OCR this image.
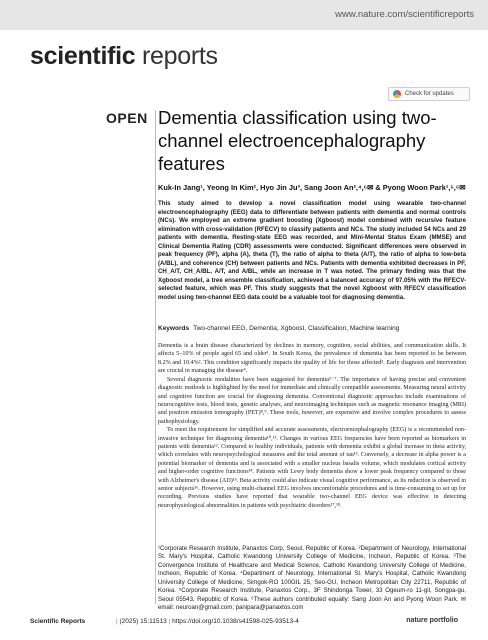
www.nature.com/scientificreports
scientific reports
Check for updates
OPEN Dementia classification using two-channel electroencephalography features
Kuk-In Jang¹, Yeong In Kim², Hyo Jin Ju³, Sang Joon An²,⁴,⁶✉ & Pyong Woon Park¹,⁵,⁶✉

This study aimed to develop a novel classification model using wearable two-channel electroencephalography (EEG) data to differentiate between patients with dementia and normal controls (NCs). We employed an extreme gradient boosting (Xgboost) model combined with recursive feature elimination with cross-validation (RFECV) to classify patients and NCs. The study included 54 NCs and 29 patients with dementia. Resting-state EEG was recorded, and Mini-Mental Status Exam (MMSE) and Clinical Dementia Rating (CDR) assessments were conducted. Significant differences were observed in peak frequency (PF), alpha (A), theta (T), the ratio of alpha to theta (A/T), the ratio of alpha to low-beta (A/BL), and coherence (CH) between patients and NCs. Patients with dementia exhibited decreases in PF, CH_A/T, CH_A/BL, A/T, and A/BL, while an increase in T was noted. The primary finding was that the Xgboost model, a tree ensemble classification, achieved a balanced accuracy of 97.05% with the RFECV-selected feature, which was PF. This study suggests that the novel Xgboost with RFECV classification model using two-channel EEG data could be a valuable tool for diagnosing dementia.

Keywords Two-channel EEG, Dementia, Xgboost, Classification, Machine learning

Dementia is a brain disease characterized by declines in memory, cognition, social abilities, and communication skills. It affects 5–10% of people aged 65 and older¹. In South Korea, the prevalence of dementia has been reported to be between 8.2% and 10.4%². This condition significantly impacts the quality of life for those affected³. Early diagnosis and intervention are crucial in managing the disease⁴.

Several diagnostic modalities have been suggested for dementia⁵⁻⁷. The importance of having precise and convenient diagnostic methods is highlighted by the need for immediate and clinically compatible assessments. Measuring neural activity and cognitive function are crucial for diagnosing dementia. Conventional diagnostic approaches include examinations of neurocognitive tests, blood tests, genetic analyses, and neuroimaging techniques such as magnetic resonance imaging (MRI) and positron emission tomography (PET)⁸,⁹. These tools, however, are expensive and involve complex procedures to assess pathophysiology.

To meet the requirement for simplified and accurate assessments, electroencephalography (EEG) is a recommended non-invasive technique for diagnosing dementia¹⁰,¹¹. Changes in various EEG frequencies have been reported as biomarkers in patients with dementia¹². Compared to healthy individuals, patients with dementia exhibit a global increase in theta activity, which correlates with neuropsychological measures and the total amount of tau¹³. Conversely, a decrease in alpha power is a potential biomarker of dementia and is associated with a smaller nucleus basalis volume, which modulates cortical activity and higher-order cognitive functions¹⁴. Patients with Lewy body dementia show a lower peak frequency compared to those with Alzheimer's disease (AD)¹⁵. Beta activity could also indicate visual cognitive performance, as its reduction is observed in senior subjects¹⁶. However, using multi-channel EEG involves uncomfortable procedures and is time-consuming to set up for recording. Previous studies have reported that wearable two-channel EEG device was effective in detecting neurophysiological abnormalities in patients with psychiatric disorders¹⁷,¹⁸.

¹Corporate Research Institute, Panaxtos Corp, Seoul, Republic of Korea. ²Department of Neurology, International St. Mary's Hospital, Catholic Kwandong University College of Medicine, Incheon, Republic of Korea. ³The Convergence Institute of Healthcare and Medical Science, Catholic Kwandong University College of Medicine, Incheon, Republic of Korea. ⁴Department of Neurology, International St. Mary's Hospital, Catholic Kwandong University College of Medicine, Simgok-RO 100GIL 25, Seo-GU, Incheon Metropolitan City 22711, Republic of Korea. ⁵Corporate Research Institute, Panaxtos Corp., 3F Shindonga Tower, 33 Ogeum-ro 11-gil, Songpa-gu, Seoul 05543, Republic of Korea. ⁶These authors contributed equally: Sang Joon An and Pyong Woon Park. ✉email: neuroan@gmail.com; panipara@panaxtos.com
Scientific Reports	| (2025) 15:11513 | https://doi.org/10.1038/s41598-025-93513-4	nature portfolio
